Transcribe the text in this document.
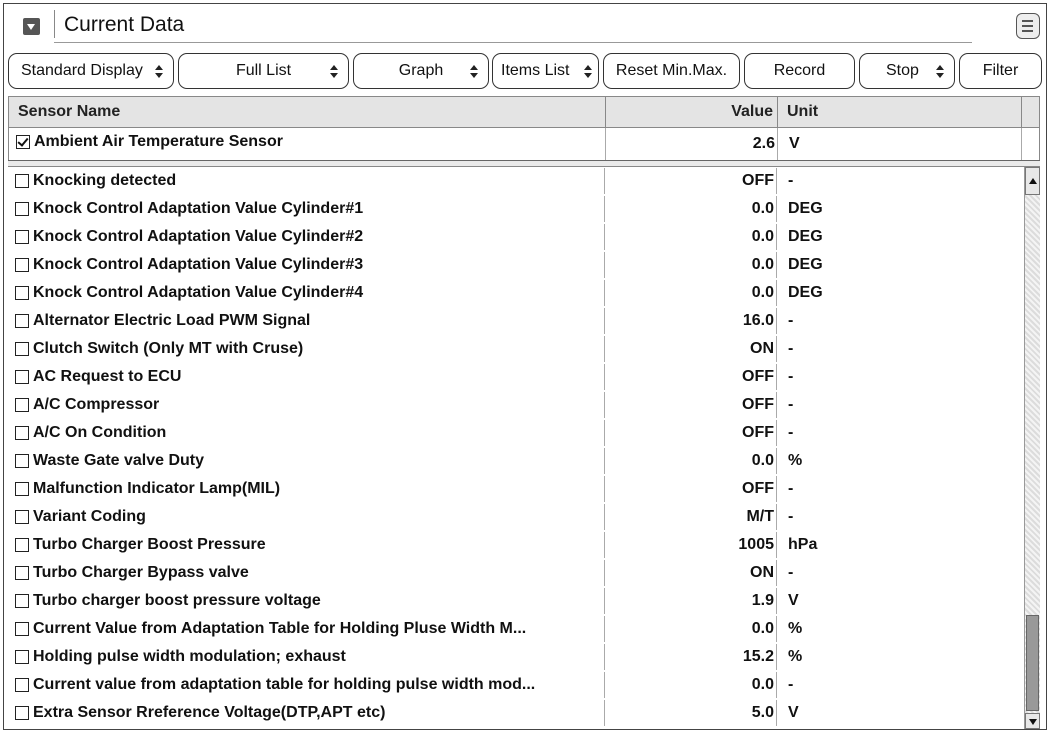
Current Data
Standard Display	Full List	Graph	Items List	Reset Min.Max.	Record	Stop	Filter
Sensor Name	Value Unit
Ambient Air Temperature Sensor	2.6 V
Knocking detected	OFF -
Knock Control Adaptation Value Cylinder#1	0.0 DEG
Knock Control Adaptation Value Cylinder#2	0.0 DEG
Knock Control Adaptation Value Cylinder#3	0.0 DEG
Knock Control Adaptation Value Cylinder#4	0.0 DEG
Alternator Electric Load PWM Signal	16.0 -
Clutch Switch (Only MT with Cruse)	ON -
AC Request to ECU	OFF -
A/C Compressor	OFF -
A/C On Condition	OFF -
Waste Gate valve Duty	0.0 %
Malfunction Indicator Lamp(MIL)	OFF -
Variant Coding	M/T -
Turbo Charger Boost Pressure	1005 hPa
Turbo Charger Bypass valve	ON -
Turbo charger boost pressure voltage	1.9 V
Current Value from Adaptation Table for Holding Pluse Width M...	0.0 %
Holding pulse width modulation; exhaust	15.2 %
Current value from adaptation table for holding pulse width mod...	0.0 -
Extra Sensor Rreference Voltage(DTP,APT etc)	5.0 V
